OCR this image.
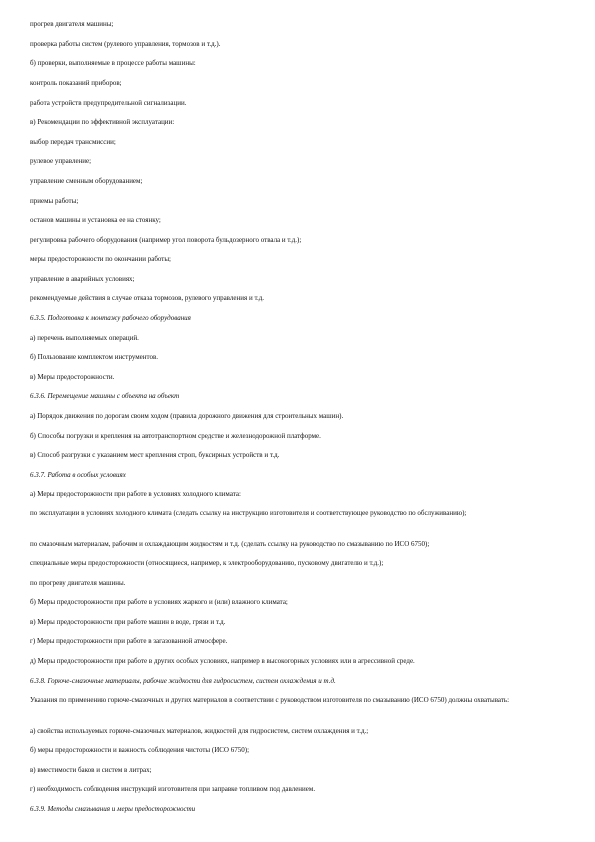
прогрев двигателя машины;

проверка работы систем (рулевого управления, тормозов и т.д.).

б) проверки, выполняемые в процессе работы машины:

контроль показаний приборов;

работа устройств предупредительной сигнализации.

в) Рекомендации по эффективной эксплуатации:

выбор передач трансмиссии;

рулевое управление;

управление сменным оборудованием;

приемы работы;

останов машины и установка ее на стоянку;

регулировка рабочего оборудования (например угол поворота бульдозерного отвала и т.д.);

меры предосторожности по окончании работы;

управление в аварийных условиях;

рекомендуемые действия в случае отказа тормозов, рулевого управления и т.д.

6.3.5. Подготовка к монтажу рабочего оборудования

а) перечень выполняемых операций.

б) Пользование комплектом инструментов.

в) Меры предосторожности.

6.3.6. Перемещение машины с объекта на объект

а) Порядок движения по дорогам своим ходом (правила дорожного движения для строительных машин).

б) Способы погрузки и крепления на автотранспортном средстве и железнодорожной платформе.

в) Способ разгрузки с указанием мест крепления строп, буксирных устройств и т.д.

6.3.7. Работа в особых условиях

а) Меры предосторожности при работе в условиях холодного климата:

по эксплуатации в условиях холодного климата (следать ссылку на инструкцию изготовителя и соответствующее руководство по обслуживанию);

по смазочным материалам, рабочим и охлаждающим жидкостям и т.д. (сделать ссылку на руководство по смазыванию по ИСО 6750);

специальные меры предосторожности (относящиеся, например, к электрооборудованию, пусковому двигателю и т.д.);

по прогреву двигателя машины.

б) Меры предосторожности при работе в условиях жаркого и (или) влажного климата;

в) Меры предосторожности при работе машин в воде, грязи и т.д.

г) Меры предосторожности при работе в загазованной атмосфере.

д) Меры предосторожности при работе в других особых условиях, например в высокогорных условиях или в агрессивной среде.

6.3.8. Горюче-смазочные материалы, рабочие жидкости для гидросистем, систем охлаждения и т.д.

Указания по применению горюче-смазочных и других материалов в соответствии с руководством изготовителя по смазыванию (ИСО 6750) должны охватывать:

а) свойства используемых горюче-смазочных материалов, жидкостей для гидросистем, систем охлаждения и т.д.;

б) меры предосторожности и важность соблюдения чистоты (ИСО 6750);

в) вместимости баков и систем в литрах;

г) необходимость соблюдения инструкций изготовителя при заправке топливом под давлением.

6.3.9. Методы смазывания и меры предосторожности
